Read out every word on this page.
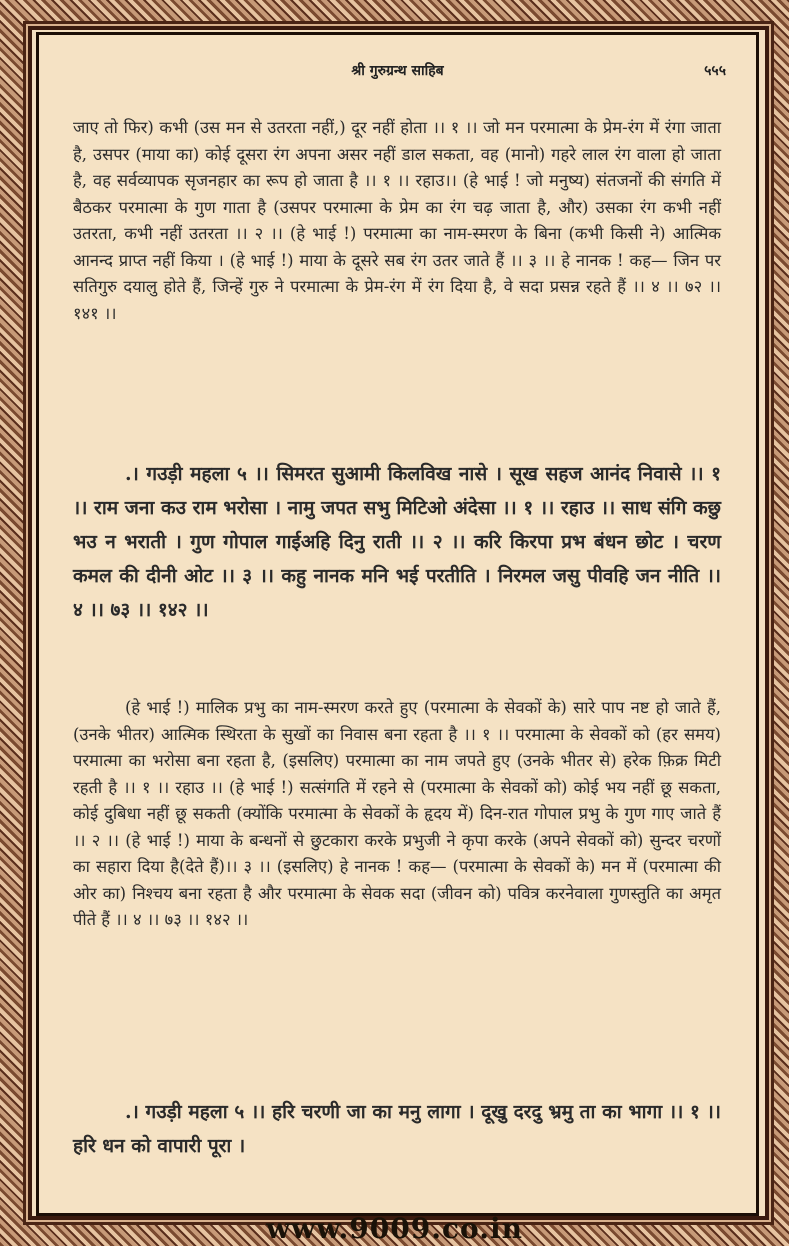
श्री गुरुग्रन्थ साहिब	५५५
जाए तो फिर) कभी (उस मन से उतरता नहीं,) दूर नहीं होता ।। १ ।। जो मन परमात्मा के प्रेम-रंग में रंगा जाता है, उसपर (माया का) कोई दूसरा रंग अपना असर नहीं डाल सकता, वह (मानो) गहरे लाल रंग वाला हो जाता है, वह सर्वव्यापक सृजनहार का रूप हो जाता है ।। १ ।। रहाउ।। (हे भाई ! जो मनुष्य) संतजनों की संगति में बैठकर परमात्मा के गुण गाता है (उसपर परमात्मा के प्रेम का रंग चढ़ जाता है, और) उसका रंग कभी नहीं उतरता, कभी नहीं उतरता ।। २ ।। (हे भाई !) परमात्मा का नाम-स्मरण के बिना (कभी किसी ने) आत्मिक आनन्द प्राप्त नहीं किया । (हे भाई !) माया के दूसरे सब रंग उतर जाते हैं ।। ३ ।। हे नानक ! कह— जिन पर सतिगुरु दयालु होते हैं, जिन्हें गुरु ने परमात्मा के प्रेम-रंग में रंग दिया है, वे सदा प्रसन्न रहते हैं ।। ४ ।। ७२ ।। १४१ ।।
.। गउड़ी महला ५ ।। सिमरत सुआमी किलविख नासे । सूख सहज आनंद निवासे ।। १ ।। राम जना कउ राम भरोसा । नामु जपत सभु मिटिओ अंदेसा ।। १ ।। रहाउ ।। साध संगि कछु भउ न भराती । गुण गोपाल गाईअहि दिनु राती ।। २ ।। करि किरपा प्रभ बंधन छोट । चरण कमल की दीनी ओट ।। ३ ।। कहु नानक मनि भई परतीति । निरमल जसु पीवहि जन नीति ।। ४ ।। ७३ ।। १४२ ।।
(हे भाई !) मालिक प्रभु का नाम-स्मरण करते हुए (परमात्मा के सेवकों के) सारे पाप नष्ट हो जाते हैं, (उनके भीतर) आत्मिक स्थिरता के सुखों का निवास बना रहता है ।। १ ।। परमात्मा के सेवकों को (हर समय) परमात्मा का भरोसा बना रहता है, (इसलिए) परमात्मा का नाम जपते हुए (उनके भीतर से) हरेक फ़िक्र मिटी रहती है ।। १ ।। रहाउ ।। (हे भाई !) सत्संगति में रहने से (परमात्मा के सेवकों को) कोई भय नहीं छू सकता, कोई दुबिधा नहीं छू सकती (क्योंकि परमात्मा के सेवकों के हृदय में) दिन-रात गोपाल प्रभु के गुण गाए जाते हैं ।। २ ।। (हे भाई !) माया के बन्धनों से छुटकारा करके प्रभुजी ने कृपा करके (अपने सेवकों को) सुन्दर चरणों का सहारा दिया है(देते हैं)।। ३ ।। (इसलिए) हे नानक ! कह— (परमात्मा के सेवकों के) मन में (परमात्मा की ओर का) निश्चय बना रहता है और परमात्मा के सेवक सदा (जीवन को) पवित्र करनेवाला गुणस्तुति का अमृत पीते हैं ।। ४ ।। ७३ ।। १४२ ।।
.। गउड़ी महला ५ ।। हरि चरणी जा का मनु लागा । दूखु दरदु भ्रमु ता का भागा ।। १ ।। हरि धन को वापारी पूरा ।
www.9009.co.in
